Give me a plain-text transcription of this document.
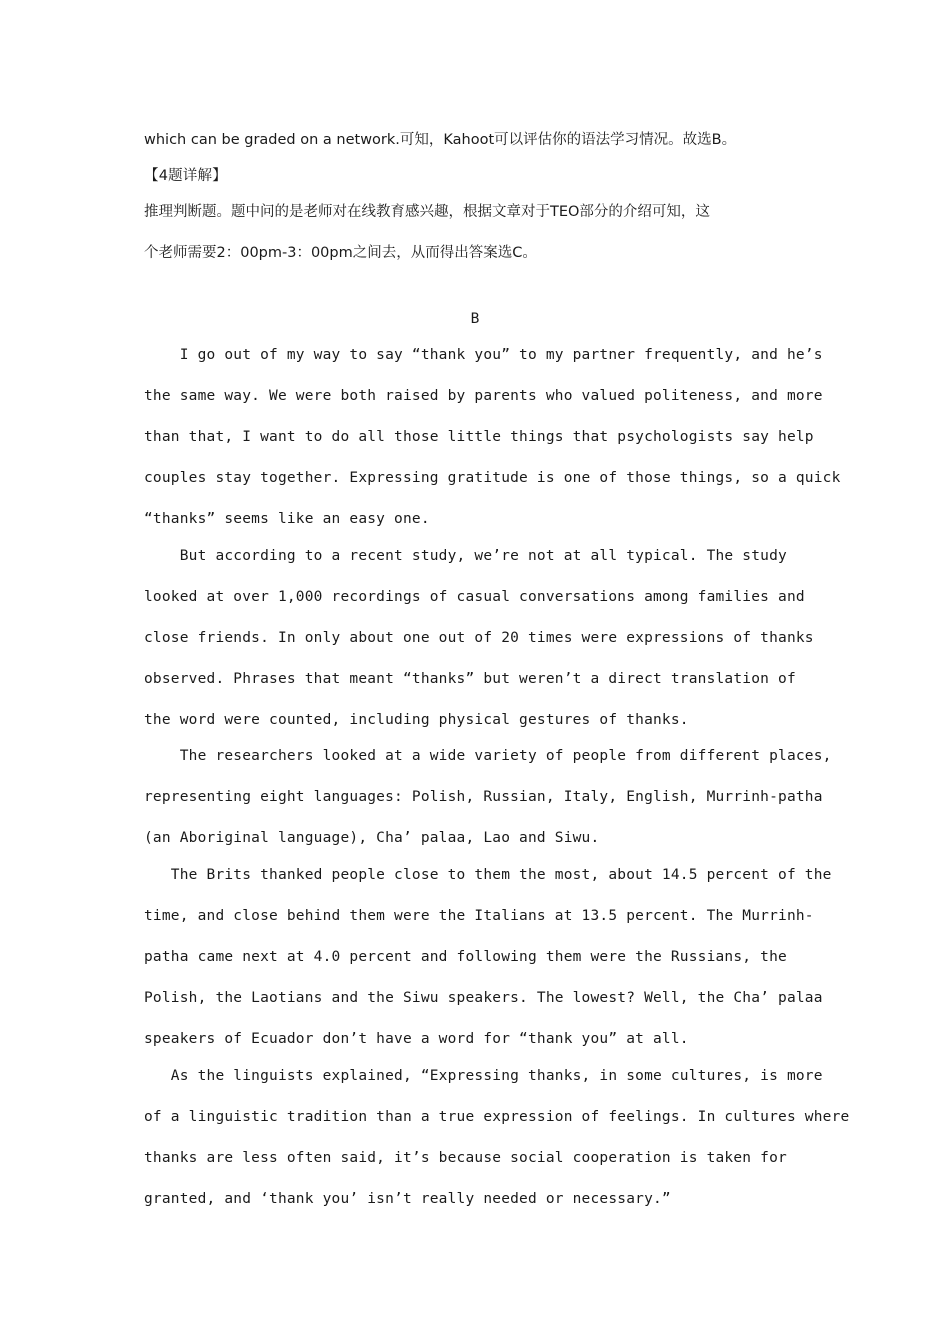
which can be graded on a network.可知，Kahoot可以评估你的语法学习情况。故选B。
【4题详解】
推理判断题。题中问的是老师对在线教育感兴趣，根据文章对于TEO部分的介绍可知，这
个老师需要2：00pm-3：00pm之间去，从而得出答案选C。
B
I go out of my way to say “thank you” to my partner frequently, and he’s
the same way. We were both raised by parents who valued politeness, and more
than that, I want to do all those little things that psychologists say help
couples stay together. Expressing gratitude is one of those things, so a quick
“thanks” seems like an easy one.
But according to a recent study, we’re not at all typical. The study
looked at over 1,000 recordings of casual conversations among families and
close friends. In only about one out of 20 times were expressions of thanks
observed. Phrases that meant “thanks” but weren’t a direct translation of
the word were counted, including physical gestures of thanks.
The researchers looked at a wide variety of people from different places,
representing eight languages: Polish, Russian, Italy, English, Murrinh-patha
(an Aboriginal language), Cha’ palaa, Lao and Siwu.
The Brits thanked people close to them the most, about 14.5 percent of the
time, and close behind them were the Italians at 13.5 percent. The Murrinh-
patha came next at 4.0 percent and following them were the Russians, the
Polish, the Laotians and the Siwu speakers. The lowest? Well, the Cha’ palaa
speakers of Ecuador don’t have a word for “thank you” at all.
As the linguists explained, “Expressing thanks, in some cultures, is more
of a linguistic tradition than a true expression of feelings. In cultures where
thanks are less often said, it’s because social cooperation is taken for
granted, and ‘thank you’ isn’t really needed or necessary.”
